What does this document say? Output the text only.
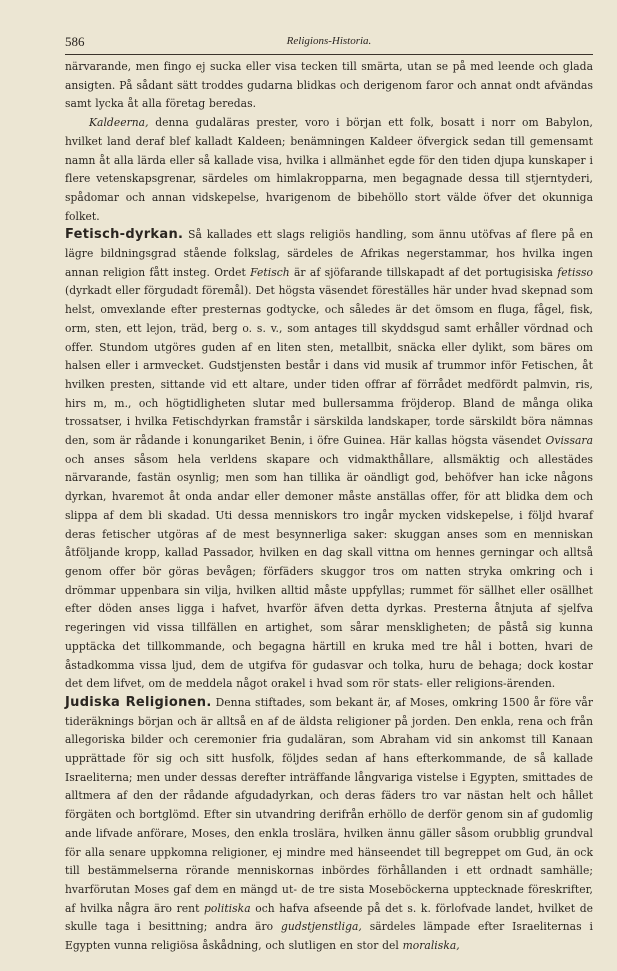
586	Religions-Historia.

närvarande, men fingo ej sucka eller visa tecken till smärta, utan se på med leende och glada ansigten. På sådant sätt troddes gudarna blidkas och derigenom faror och annat ondt afvändas samt lycka åt alla företag beredas.

Kaldeerna, denna gudaläras prester, voro i början ett folk, bosatt i norr om Babylon, hvilket land deraf blef kalladt Kaldeen; benämningen Kaldeer öfvergick sedan till gemensamt namn åt alla lärda eller så kallade visa, hvilka i allmänhet egde för den tiden djupa kunskaper i flere vetenskapsgrenar, särdeles om himlakropparna, men begagnade dessa till stjerntyderi, spådomar och annan vidskepelse, hvarigenom de bibehöllo stort välde öfver det okunniga folket.

Fetisch-dyrkan. Så kallades ett slags religiös handling, som ännu utöfvas af flere på en lägre bildningsgrad stående folkslag, särdeles de Afrikas negerstammar, hos hvilka ingen annan religion fått insteg. Ordet Fetisch är af sjöfarande tillskapadt af det portugisiska fetisso (dyrkadt eller förgudadt föremål). Det högsta väsendet föreställes här under hvad skepnad som helst, omvexlande efter presternas godtycke, och således är det ömsom en fluga, fågel, fisk, orm, sten, ett lejon, träd, berg o. s. v., som antages till skyddsgud samt erhåller vördnad och offer. Stundom utgöres guden af en liten sten, metallbit, snäcka eller dylikt, som bäres om halsen eller i armvecket. Gudstjensten består i dans vid musik af trummor inför Fetischen, åt hvilken presten, sittande vid ett altare, under tiden offrar af förrådet medfördt palmvin, ris, hirs m, m., och högtidligheten slutar med bullersamma fröjderop. Bland de många olika trossatser, i hvilka Fetischdyrkan framstår i särskilda landskaper, torde särskildt böra nämnas den, som är rådande i konungariket Benin, i öfre Guinea. Här kallas högsta väsendet Ovissara och anses såsom hela verldens skapare och vidmakthållare, allsmäktig och allestädes närvarande, fastän osynlig; men som han tillika är oändligt god, behöfver han icke någons dyrkan, hvaremot åt onda andar eller demoner måste anställas offer, för att blidka dem och slippa af dem bli skadad. Uti dessa menniskors tro ingår mycken vidskepelse, i följd hvaraf deras fetischer utgöras af de mest besynnerliga saker: skuggan anses som en menniskan åtföljande kropp, kallad Passador, hvilken en dag skall vittna om hennes gerningar och alltså genom offer bör göras bevågen; förfäders skuggor tros om natten stryka omkring och i drömmar uppenbara sin vilja, hvilken alltid måste uppfyllas; rummet för sällhet eller osällhet efter döden anses ligga i hafvet, hvarför äfven detta dyrkas. Presterna åtnjuta af sjelfva regeringen vid vissa tillfällen en artighet, som sårar menskligheten; de påstå sig kunna upptäcka det tillkommande, och begagna härtill en kruka med tre hål i botten, hvari de åstadkomma vissa ljud, dem de utgifva för gudasvar och tolka, huru de behaga; dock kostar det dem lifvet, om de meddela något orakel i hvad som rör stats- eller religions-ärenden.

Judiska Religionen. Denna stiftades, som bekant är, af Moses, omkring 1500 år före vår tideräknings början och är alltså en af de äldsta religioner på jorden. Den enkla, rena och från allegoriska bilder och ceremonier fria gudaläran, som Abraham vid sin ankomst till Kanaan upprättade för sig och sitt husfolk, följdes sedan af hans efterkommande, de så kallade Israeliterna; men under dessas derefter inträffande långvariga vistelse i Egypten, smittades de alltmera af den der rådande afgudadyrkan, och deras fäders tro var nästan helt och hållet förgäten och bortglömd. Efter sin utvandring derifrån erhöllo de derför genom sin af gudomlig ande lifvade anförare, Moses, den enkla troslära, hvilken ännu gäller såsom orubblig grundval för alla senare uppkomna religioner, ej mindre med hänseendet till begreppet om Gud, än ock till bestämmelserna rörande menniskornas inbördes förhållanden i ett ordnadt samhälle; hvarförutan Moses gaf dem en mängd ut- de tre sista Moseböckerna upptecknade föreskrifter, af hvilka några äro rent politiska och hafva afseende på det s. k. förlofvade landet, hvilket de skulle taga i besittning; andra äro gudstjenstliga, särdeles lämpade efter Israeliternas i Egypten vunna religiösa åskådning, och slutligen en stor del moraliska,
